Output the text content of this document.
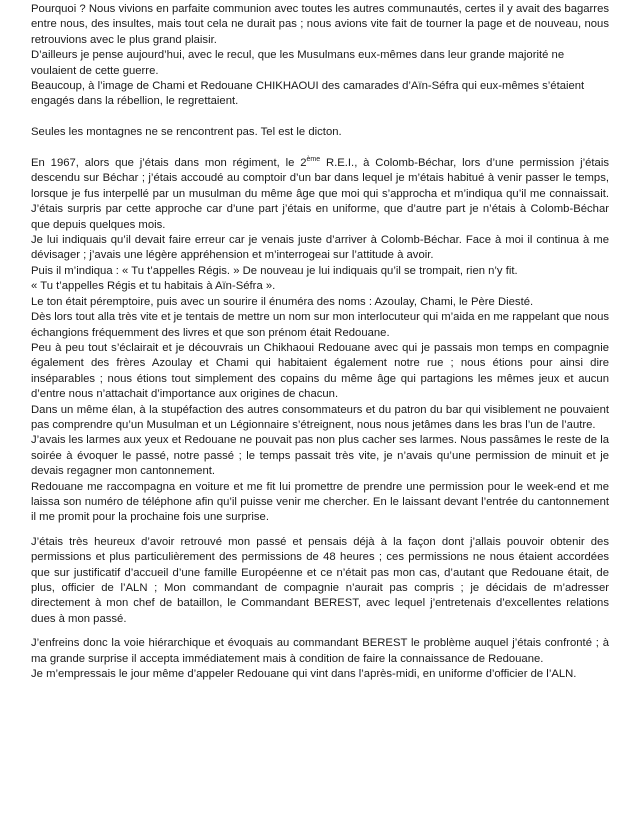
Pourquoi ? Nous vivions en parfaite communion avec toutes les autres communautés, certes il y avait des bagarres entre nous, des insultes, mais tout cela ne durait pas ; nous avions vite fait de tourner la page et de nouveau, nous retrouvions avec le plus grand plaisir.

D’ailleurs je pense aujourd’hui, avec le recul, que les Musulmans eux-mêmes dans leur grande majorité ne voulaient de cette guerre.

Beaucoup, à l’image de Chami et Redouane CHIKHAOUI des camarades d’Aïn-Séfra qui eux-mêmes s’étaient engagés dans la rébellion, le regrettaient.

Seules les montagnes ne se rencontrent pas. Tel est le dicton.

En 1967, alors que j’étais dans mon régiment, le 2ème R.E.I., à Colomb-Béchar, lors d’une permission j’étais descendu sur Béchar ; j’étais accoudé au comptoir d’un bar dans lequel je m’étais habitué à venir passer le temps, lorsque je fus interpellé par un musulman du même âge que moi qui s’approcha et m’indiqua qu’il me connaissait. J’étais surpris par cette approche car d’une part j’étais en uniforme, que d’autre part je n’étais à Colomb-Béchar que depuis quelques mois.

Je lui indiquais qu’il devait faire erreur car je venais juste d’arriver à Colomb-Béchar. Face à moi il continua à me dévisager ; j’avais une légère appréhension et m’interrogeai sur l’attitude à avoir.

Puis il m’indiqua : « Tu t’appelles Régis. » De nouveau je lui indiquais qu’il se trompait, rien n’y fit.

« Tu t’appelles Régis et tu habitais à Aïn-Séfra ».

Le ton était péremptoire, puis avec un sourire il énuméra des noms : Azoulay, Chami, le Père Diesté.

Dès lors tout alla très vite et je tentais de mettre un nom sur mon interlocuteur qui m’aida en me rappelant que nous échangions fréquemment des livres et que son prénom était Redouane.

Peu à peu tout s’éclairait et je découvrais un Chikhaoui Redouane avec qui je passais mon temps en compagnie également des frères Azoulay et Chami qui habitaient également notre rue ; nous étions pour ainsi dire inséparables ; nous étions tout simplement des copains du même âge qui partagions les mêmes jeux et aucun d’entre nous n’attachait d’importance aux origines de chacun.

Dans un même élan, à la stupéfaction des autres consommateurs et du patron du bar qui visiblement ne pouvaient pas comprendre qu’un Musulman et un Légionnaire s’étreignent, nous nous jetâmes dans les bras l’un de l’autre.

J’avais les larmes aux yeux et Redouane ne pouvait pas non plus cacher ses larmes. Nous passâmes le reste de la soirée à évoquer le passé, notre passé ; le temps passait très vite, je n’avais qu’une permission de minuit et je devais regagner mon cantonnement.

Redouane me raccompagna en voiture et me fit lui promettre de prendre une permission pour le week-end et me laissa son numéro de téléphone afin qu’il puisse venir me chercher. En le laissant devant l’entrée du cantonnement il me promit pour la prochaine fois une surprise.

J’étais très heureux d’avoir retrouvé mon passé et pensais déjà à la façon dont j’allais pouvoir obtenir des permissions et plus particulièrement des permissions de 48 heures ; ces permissions ne nous étaient accordées que sur justificatif d’accueil d’une famille Européenne et ce n’était pas mon cas, d’autant que Redouane était, de plus, officier de l’ALN ; Mon commandant de compagnie n’aurait pas compris ; je décidais de m’adresser directement à mon chef de bataillon, le Commandant BEREST, avec lequel j’entretenais d’excellentes relations dues à mon passé.

J’enfreins donc la voie hiérarchique et évoquais au commandant BEREST le problème auquel j’étais confronté ; à ma grande surprise il accepta immédiatement mais à condition de faire la connaissance de Redouane.

Je m’empressais le jour même d’appeler Redouane qui vint dans l’après-midi, en uniforme d’officier de l’ALN.
